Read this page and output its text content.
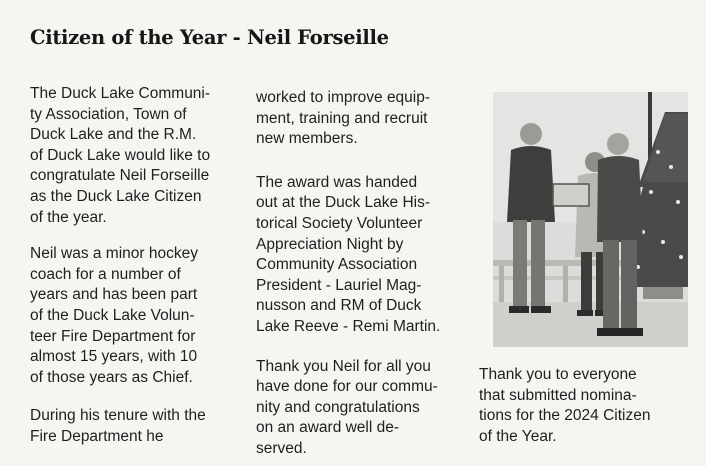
Citizen of the Year - Neil Forseille

The Duck Lake Communi-
ty Association, Town of
Duck Lake and the R.M.
of Duck Lake would like to
congratulate Neil Forseille
as the Duck Lake Citizen
of the year.

Neil was a minor hockey
coach for a number of
years and has been part
of the Duck Lake Volun-
teer Fire Department for
almost 15 years, with 10
of those years as Chief.

During his tenure with the
Fire Department he

worked to improve equip-
ment, training and recruit
new members.

The award was handed
out at the Duck Lake His-
torical Society Volunteer
Appreciation Night by
Community Association
President - Lauriel Mag-
nusson and RM of Duck
Lake Reeve - Remi Martin.

Thank you Neil for all you
have done for our commu-
nity and congratulations
on an award well de-
served.

Thank you to everyone
that submitted nomina-
tions for the 2024 Citizen
of the Year.
